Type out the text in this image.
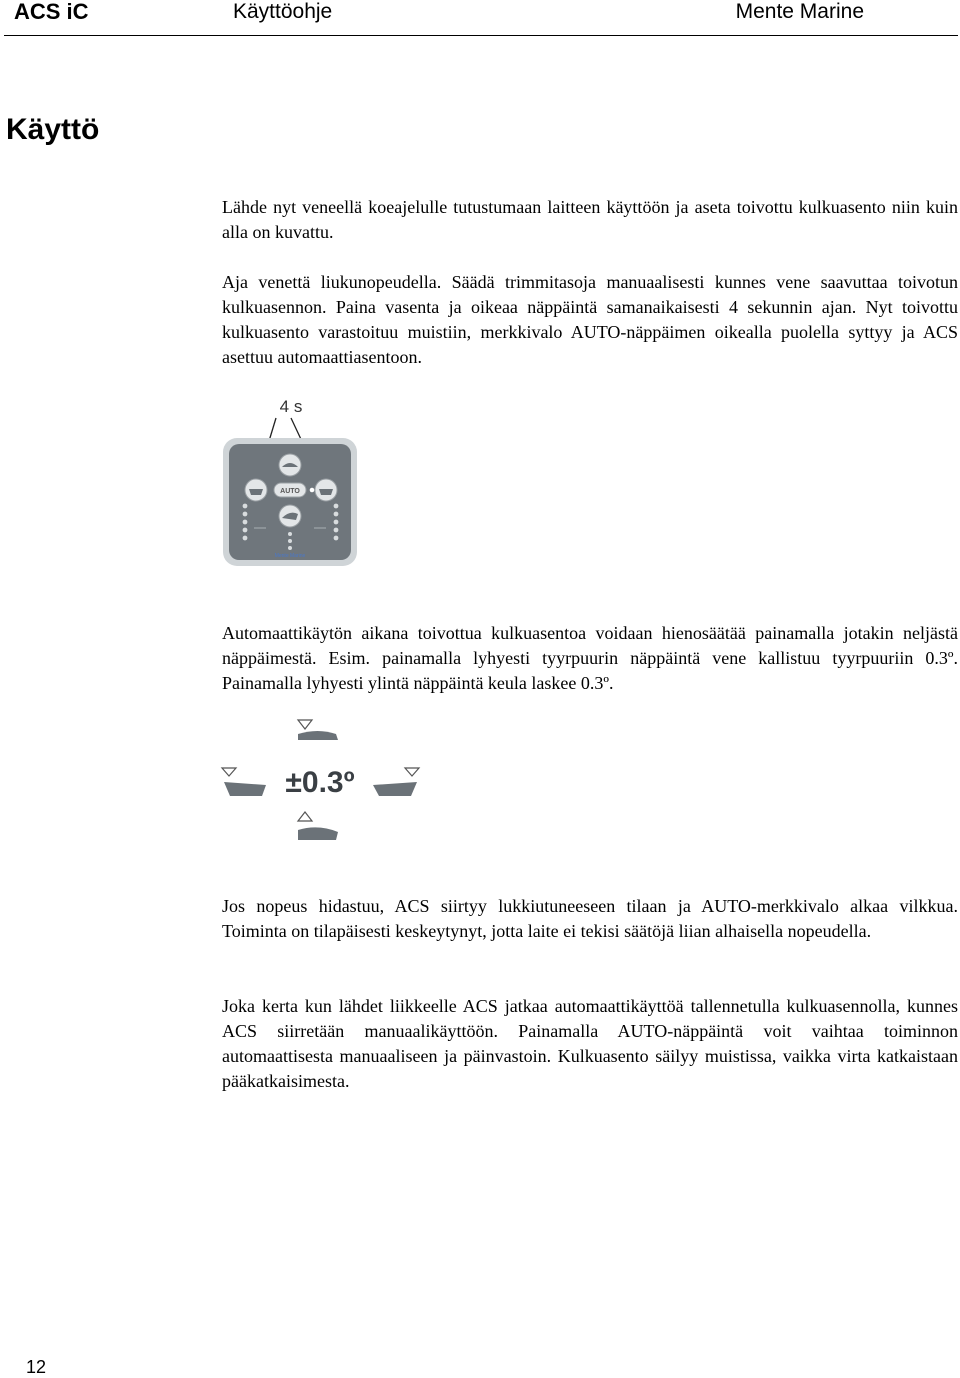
ACS iC	Käyttöohje	Mente Marine
Käyttö

Lähde nyt veneellä koeajelulle tutustumaan laitteen käyttöön ja aseta toivottu kulkuasento niin kuin alla on kuvattu.

Aja venettä liukunopeudella. Säädä trimmitasoja manuaalisesti kunnes vene saavuttaa toivotun kulkuasennon. Paina vasenta ja oikeaa näppäintä samanaikaisesti 4 sekunnin ajan. Nyt toivottu kulkuasento varastoituu muistiin, merkkivalo AUTO-näppäimen oikealla puolella syttyy ja ACS asettuu automaattiasentoon.

4 s
AUTO
Mente Marine

Automaattikäytön aikana toivottua kulkuasentoa voidaan hienosäätää painamalla jotakin neljästä näppäimestä. Esim. painamalla lyhyesti tyyrpuurin näppäintä vene kallistuu tyyrpuuriin 0.3º. Painamalla lyhyesti ylintä näppäintä keula laskee 0.3º.

±0.3º

Jos nopeus hidastuu, ACS siirtyy lukkiutuneeseen tilaan ja AUTO-merkkivalo alkaa vilkkua. Toiminta on tilapäisesti keskeytynyt, jotta laite ei tekisi säätöjä liian alhaisella nopeudella.

Joka kerta kun lähdet liikkeelle ACS jatkaa automaattikäyttöä tallennetulla kulkuasennolla, kunnes ACS siirretään manuaalikäyttöön. Painamalla AUTO-näppäintä voit vaihtaa toiminnon automaattisesta manuaaliseen ja päinvastoin. Kulkuasento säilyy muistissa, vaikka virta katkaistaan pääkatkaisimesta.

12
